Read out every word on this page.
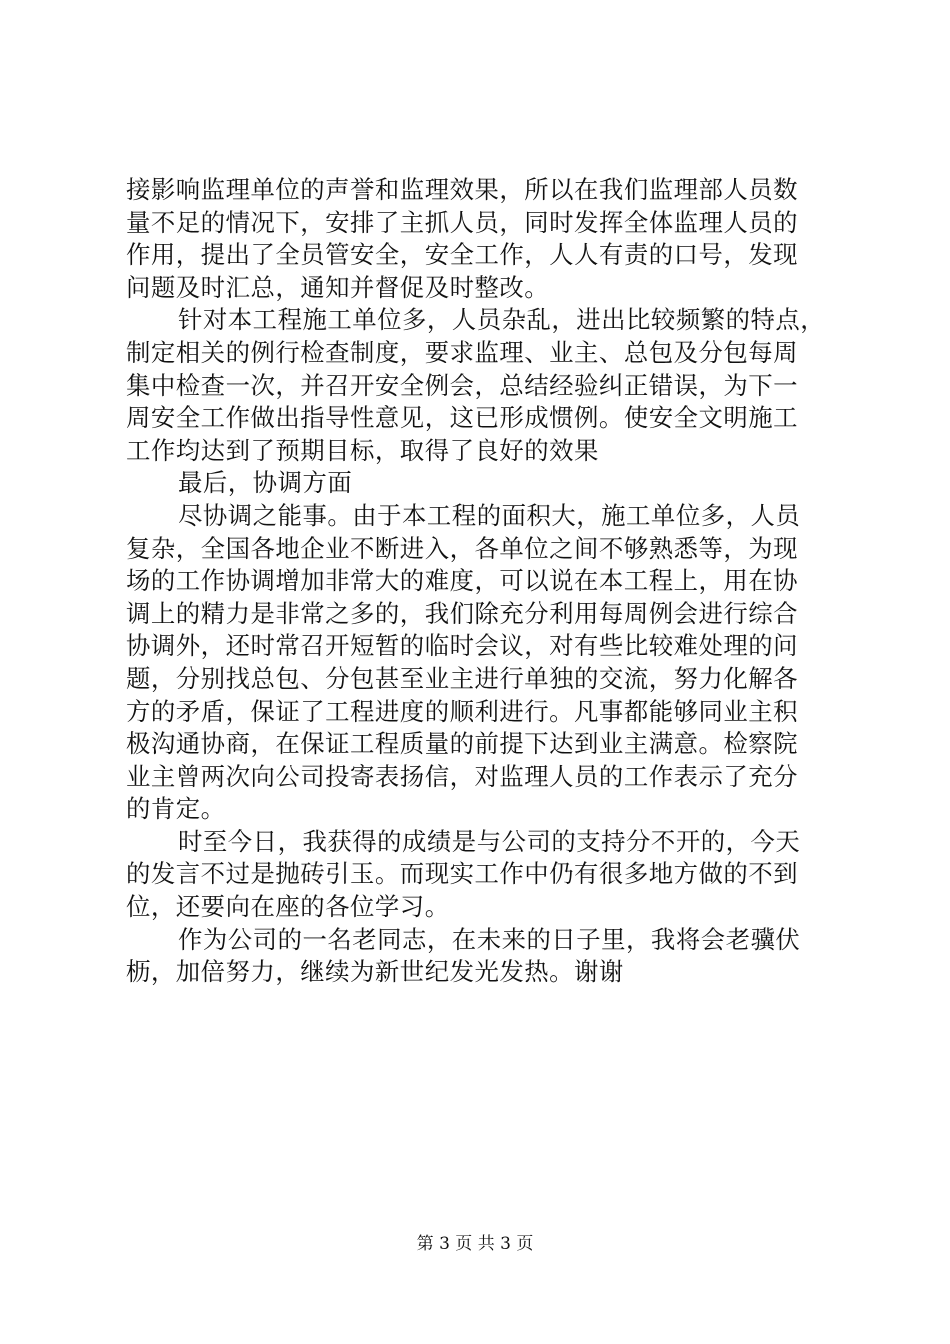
接影响监理单位的声誉和监理效果，所以在我们监理部人员数
量不足的情况下，安排了主抓人员，同时发挥全体监理人员的
作用，提出了全员管安全，安全工作，人人有责的口号，发现
问题及时汇总，通知并督促及时整改。
针对本工程施工单位多，人员杂乱，进出比较频繁的特点，
制定相关的例行检查制度，要求监理、业主、总包及分包每周
集中检查一次，并召开安全例会，总结经验纠正错误，为下一
周安全工作做出指导性意见，这已形成惯例。使安全文明施工
工作均达到了预期目标，取得了良好的效果
最后，协调方面
尽协调之能事。由于本工程的面积大，施工单位多，人员
复杂，全国各地企业不断进入，各单位之间不够熟悉等，为现
场的工作协调增加非常大的难度，可以说在本工程上，用在协
调上的精力是非常之多的，我们除充分利用每周例会进行综合
协调外，还时常召开短暂的临时会议，对有些比较难处理的问
题，分别找总包、分包甚至业主进行单独的交流，努力化解各
方的矛盾，保证了工程进度的顺利进行。凡事都能够同业主积
极沟通协商，在保证工程质量的前提下达到业主满意。检察院
业主曾两次向公司投寄表扬信，对监理人员的工作表示了充分
的肯定。
时至今日，我获得的成绩是与公司的支持分不开的，今天
的发言不过是抛砖引玉。而现实工作中仍有很多地方做的不到
位，还要向在座的各位学习。
作为公司的一名老同志，在未来的日子里，我将会老骥伏
枥，加倍努力，继续为新世纪发光发热。谢谢
第 3 页 共 3 页
